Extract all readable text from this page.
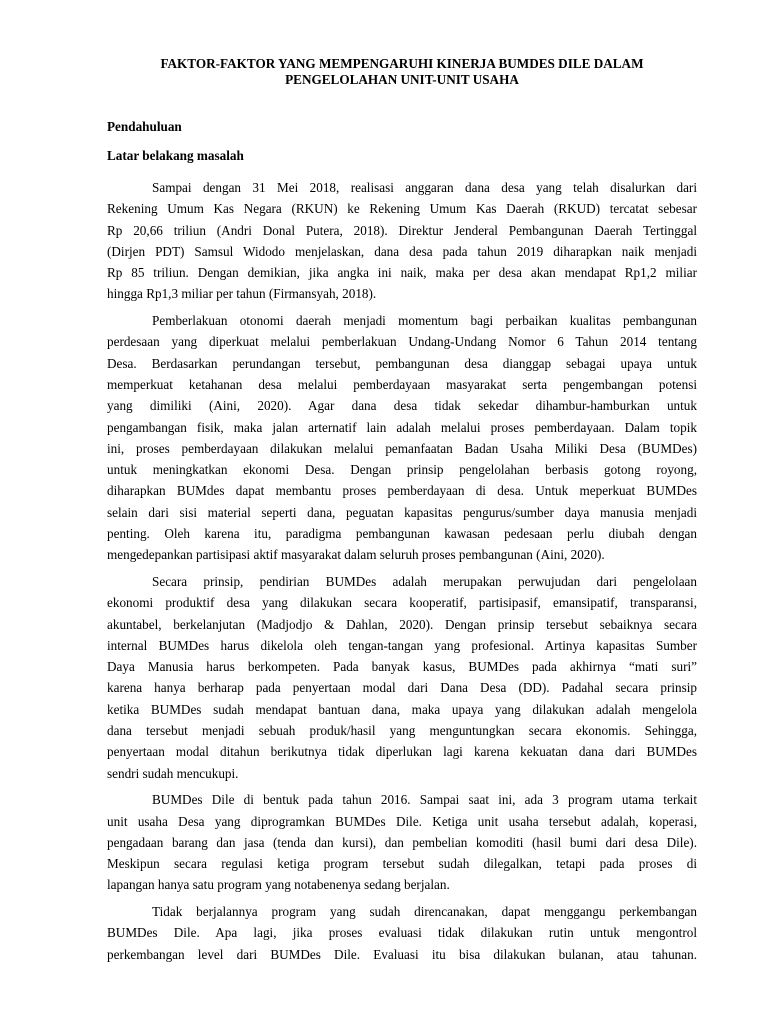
FAKTOR-FAKTOR YANG MEMPENGARUHI KINERJA BUMDES DILE DALAM
PENGELOLAHAN UNIT-UNIT USAHA
Pendahuluan
Latar belakang masalah
Sampai dengan 31 Mei 2018, realisasi anggaran dana desa yang telah disalurkan dari
Rekening Umum Kas Negara (RKUN) ke Rekening Umum Kas Daerah (RKUD) tercatat sebesar
Rp 20,66 triliun (Andri Donal Putera, 2018). Direktur Jenderal Pembangunan Daerah Tertinggal
(Dirjen PDT) Samsul Widodo menjelaskan, dana desa pada tahun 2019 diharapkan naik menjadi
Rp 85 triliun. Dengan demikian, jika angka ini naik, maka per desa akan mendapat Rp1,2 miliar
hingga Rp1,3 miliar per tahun (Firmansyah, 2018).
Pemberlakuan otonomi daerah menjadi momentum bagi perbaikan kualitas pembangunan
perdesaan yang diperkuat melalui pemberlakuan Undang-Undang Nomor 6 Tahun 2014 tentang
Desa. Berdasarkan perundangan tersebut, pembangunan desa dianggap sebagai upaya untuk
memperkuat ketahanan desa melalui pemberdayaan masyarakat serta pengembangan potensi
yang dimiliki (Aini, 2020). Agar dana desa tidak sekedar dihambur-hamburkan untuk
pengambangan fisik, maka jalan arternatif lain adalah melalui proses pemberdayaan. Dalam topik
ini, proses pemberdayaan dilakukan melalui pemanfaatan Badan Usaha Miliki Desa (BUMDes)
untuk meningkatkan ekonomi Desa. Dengan prinsip pengelolahan berbasis gotong royong,
diharapkan BUMdes dapat membantu proses pemberdayaan di desa. Untuk meperkuat BUMDes
selain dari sisi material seperti dana, peguatan kapasitas pengurus/sumber daya manusia menjadi
penting. Oleh karena itu, paradigma pembangunan kawasan pedesaan perlu diubah dengan
mengedepankan partisipasi aktif masyarakat dalam seluruh proses pembangunan (Aini, 2020).
Secara prinsip, pendirian BUMDes adalah merupakan perwujudan dari pengelolaan
ekonomi produktif desa yang dilakukan secara kooperatif, partisipasif, emansipatif, transparansi,
akuntabel, berkelanjutan (Madjodjo & Dahlan, 2020). Dengan prinsip tersebut sebaiknya secara
internal BUMDes harus dikelola oleh tengan-tangan yang profesional. Artinya kapasitas Sumber
Daya Manusia harus berkompeten. Pada banyak kasus, BUMDes pada akhirnya “mati suri”
karena hanya berharap pada penyertaan modal dari Dana Desa (DD). Padahal secara prinsip
ketika BUMDes sudah mendapat bantuan dana, maka upaya yang dilakukan adalah mengelola
dana tersebut menjadi sebuah produk/hasil yang menguntungkan secara ekonomis. Sehingga,
penyertaan modal ditahun berikutnya tidak diperlukan lagi karena kekuatan dana dari BUMDes
sendri sudah mencukupi.
BUMDes Dile di bentuk pada tahun 2016. Sampai saat ini, ada 3 program utama terkait
unit usaha Desa yang diprogramkan BUMDes Dile. Ketiga unit usaha tersebut adalah, koperasi,
pengadaan barang dan jasa (tenda dan kursi), dan pembelian komoditi (hasil bumi dari desa Dile).
Meskipun secara regulasi ketiga program tersebut sudah dilegalkan, tetapi pada proses di
lapangan hanya satu program yang notabenenya sedang berjalan.
Tidak berjalannya program yang sudah direncanakan, dapat menggangu perkembangan
BUMDes Dile. Apa lagi, jika proses evaluasi tidak dilakukan rutin untuk mengontrol
perkembangan level dari BUMDes Dile. Evaluasi itu bisa dilakukan bulanan, atau tahunan.
